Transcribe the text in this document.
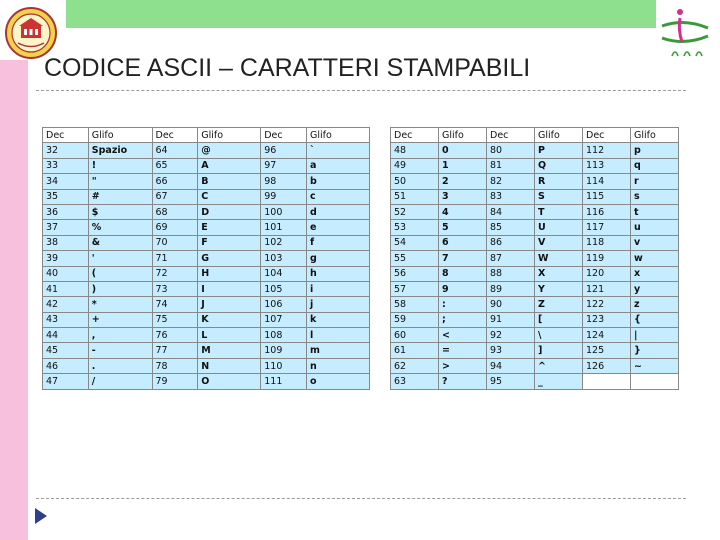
CODICE ASCII – CARATTERI STAMPABILI
Dec	Glifo	Dec	Glifo	Dec	Glifo
32	Spazio	64	@	96	`
33	!	65	A	97	a
34	"	66	B	98	b
35	#	67	C	99	c
36	$	68	D	100	d
37	%	69	E	101	e
38	&	70	F	102	f
39	'	71	G	103	g
40	(	72	H	104	h
41	)	73	I	105	i
42	*	74	J	106	j
43	+	75	K	107	k
44	,	76	L	108	l
45	-	77	M	109	m
46	.	78	N	110	n
47	/	79	O	111	o
Dec	Glifo	Dec	Glifo	Dec	Glifo
48	0	80	P	112	p
49	1	81	Q	113	q
50	2	82	R	114	r
51	3	83	S	115	s
52	4	84	T	116	t
53	5	85	U	117	u
54	6	86	V	118	v
55	7	87	W	119	w
56	8	88	X	120	x
57	9	89	Y	121	y
58	:	90	Z	122	z
59	;	91	[	123	{
60	<	92	\	124	|
61	=	93	]	125	}
62	>	94	^	126	~
63	?	95	_		
